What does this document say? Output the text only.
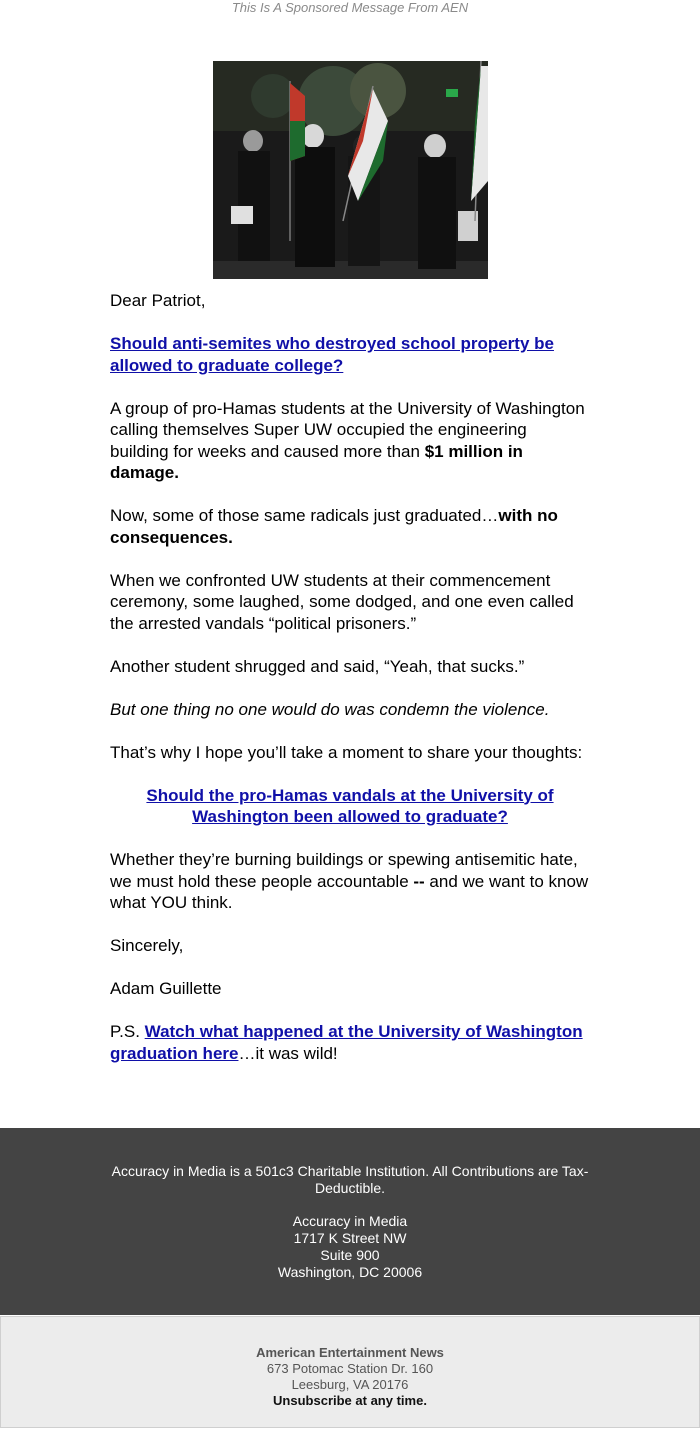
This Is A Sponsored Message From AEN

Dear Patriot,

Should anti-semites who destroyed school property be allowed to graduate college?

A group of pro-Hamas students at the University of Washington calling themselves Super UW occupied the engineering building for weeks and caused more than $1 million in damage.

Now, some of those same radicals just graduated…with no consequences.

When we confronted UW students at their commencement ceremony, some laughed, some dodged, and one even called the arrested vandals “political prisoners.”

Another student shrugged and said, “Yeah, that sucks.”

But one thing no one would do was condemn the violence.

That’s why I hope you’ll take a moment to share your thoughts:

Should the pro-Hamas vandals at the University of Washington been allowed to graduate?

Whether they’re burning buildings or spewing antisemitic hate, we must hold these people accountable -- and we want to know what YOU think.

Sincerely,

Adam Guillette

P.S. Watch what happened at the University of Washington graduation here…it was wild!

Accuracy in Media is a 501c3 Charitable Institution. All Contributions are Tax-Deductible.

Accuracy in Media
1717 K Street NW
Suite 900
Washington, DC 20006
American Entertainment News
673 Potomac Station Dr. 160
Leesburg, VA 20176
Unsubscribe at any time.
